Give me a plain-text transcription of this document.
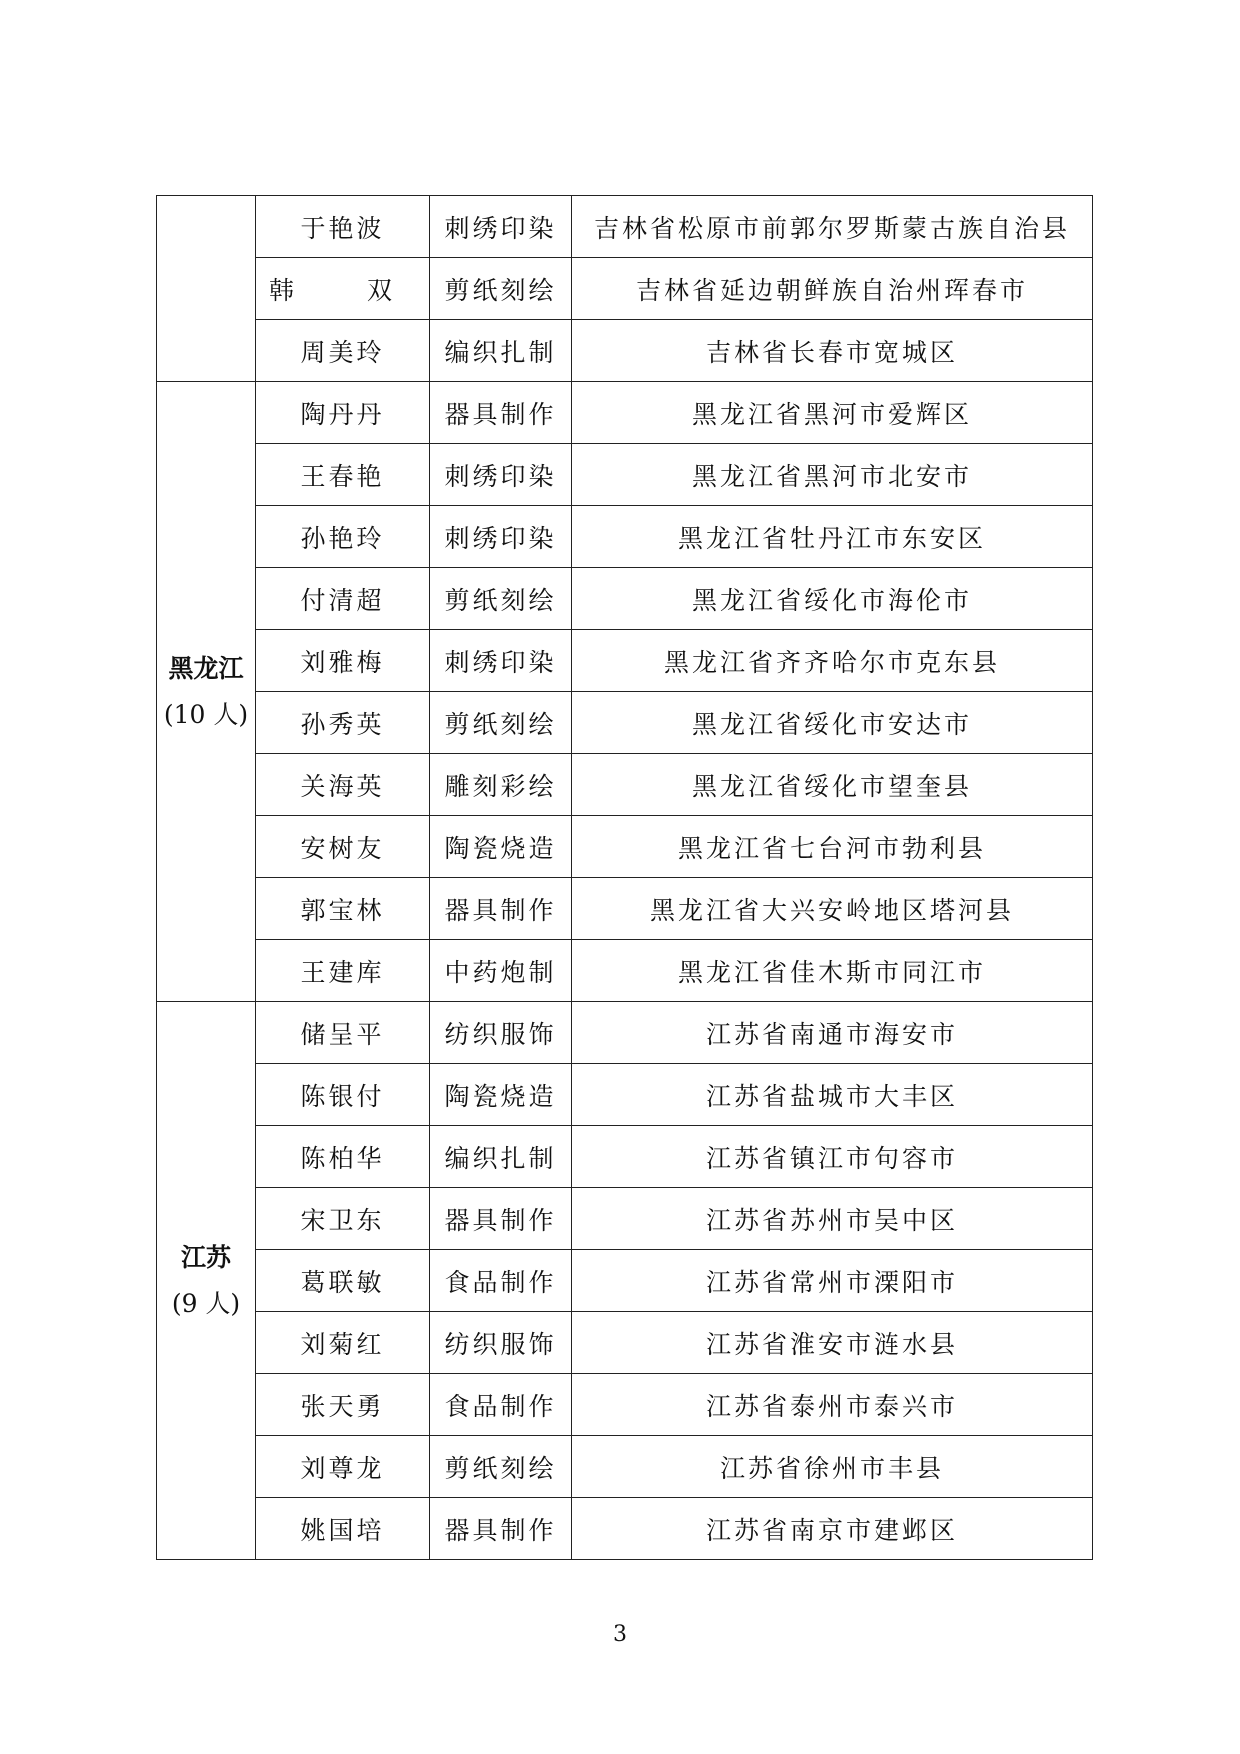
	于艳波	刺绣印染	吉林省松原市前郭尔罗斯蒙古族自治县
	韩　双	剪纸刻绘	吉林省延边朝鲜族自治州珲春市
	周美玲	编织扎制	吉林省长春市宽城区

黑龙江
(10 人)	陶丹丹	器具制作	黑龙江省黑河市爱辉区
	王春艳	刺绣印染	黑龙江省黑河市北安市
	孙艳玲	刺绣印染	黑龙江省牡丹江市东安区
	付清超	剪纸刻绘	黑龙江省绥化市海伦市
	刘雅梅	刺绣印染	黑龙江省齐齐哈尔市克东县
	孙秀英	剪纸刻绘	黑龙江省绥化市安达市
	关海英	雕刻彩绘	黑龙江省绥化市望奎县
	安树友	陶瓷烧造	黑龙江省七台河市勃利县
	郭宝林	器具制作	黑龙江省大兴安岭地区塔河县
	王建库	中药炮制	黑龙江省佳木斯市同江市

江苏
(9 人)	储呈平	纺织服饰	江苏省南通市海安市
	陈银付	陶瓷烧造	江苏省盐城市大丰区
	陈柏华	编织扎制	江苏省镇江市句容市
	宋卫东	器具制作	江苏省苏州市吴中区
	葛联敏	食品制作	江苏省常州市溧阳市
	刘菊红	纺织服饰	江苏省淮安市涟水县
	张天勇	食品制作	江苏省泰州市泰兴市
	刘尊龙	剪纸刻绘	江苏省徐州市丰县
	姚国培	器具制作	江苏省南京市建邺区
3
